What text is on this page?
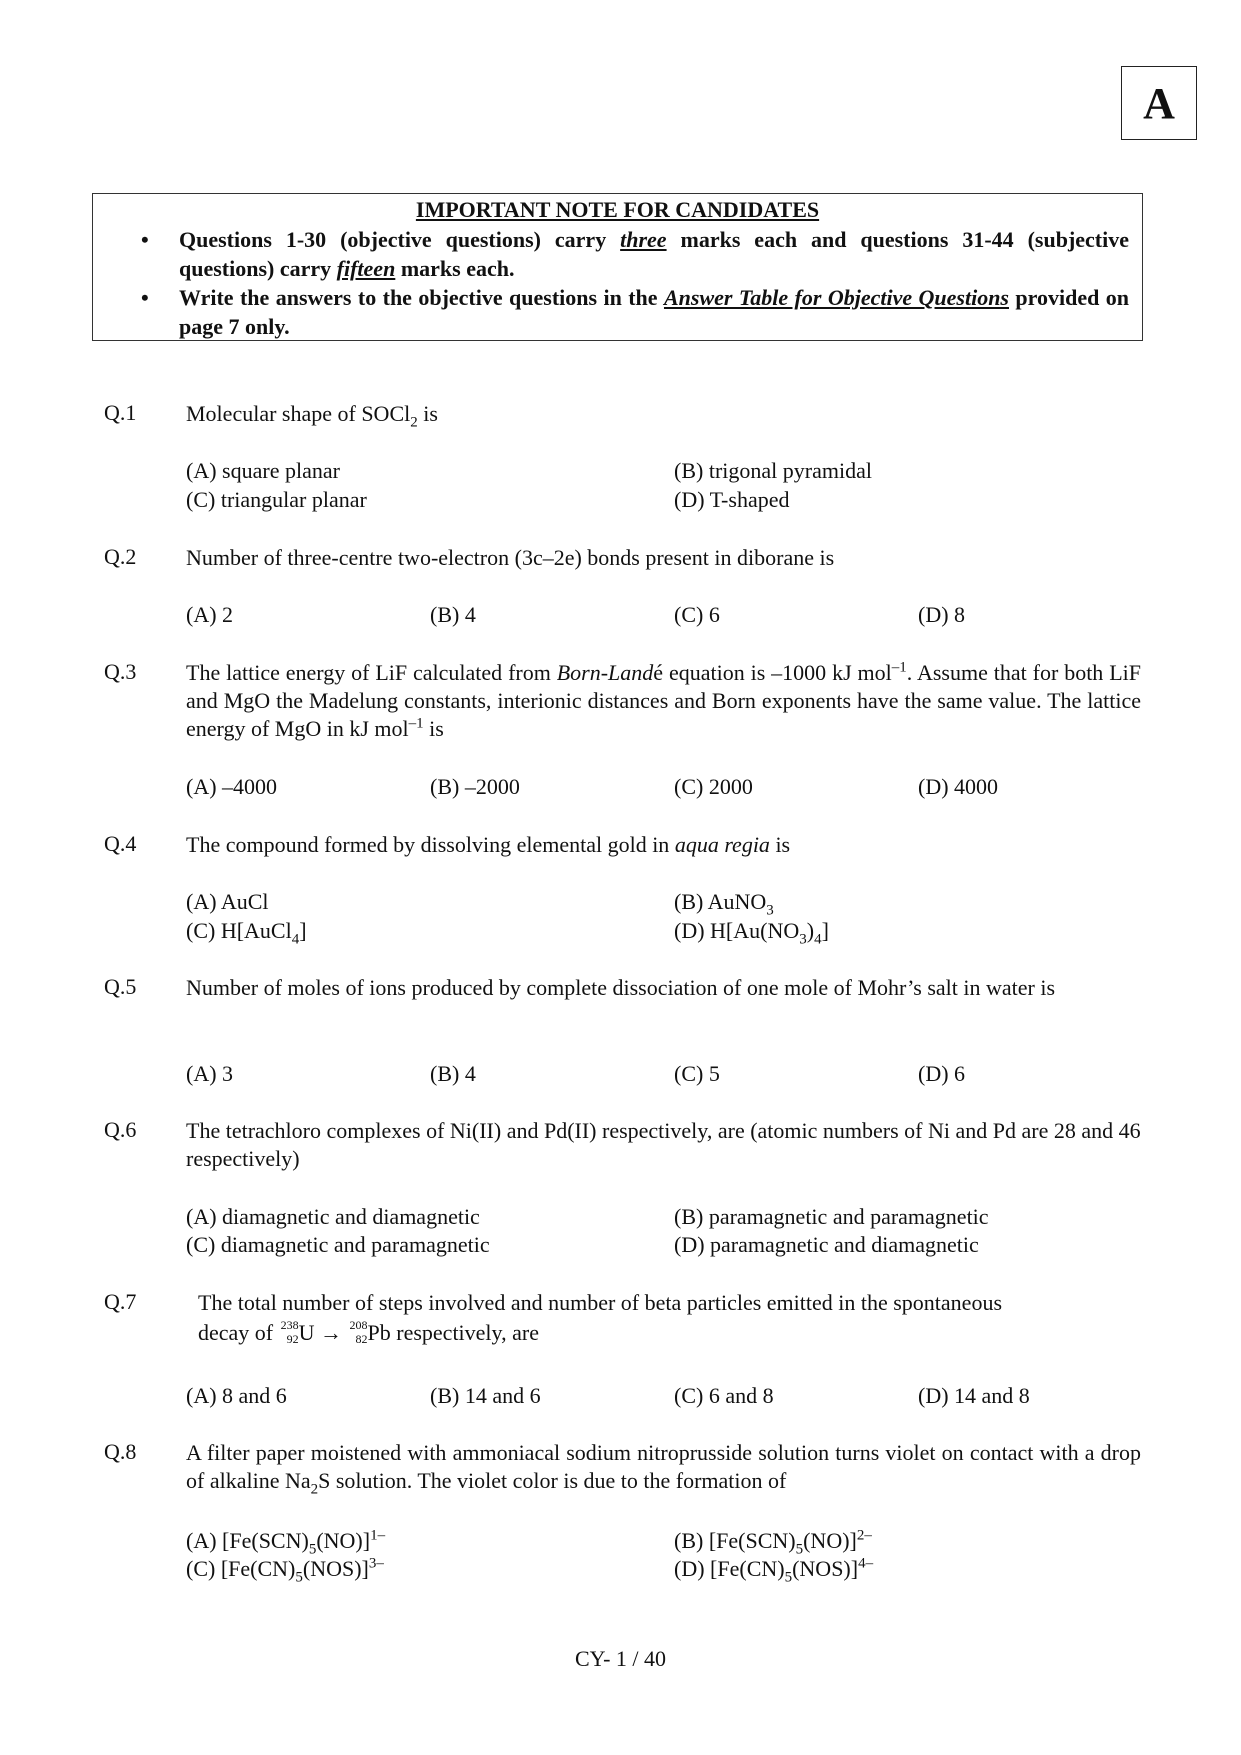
A
IMPORTANT NOTE FOR CANDIDATES
• Questions 1-30 (objective questions) carry three marks each and questions 31-44 (subjective questions) carry fifteen marks each.
• Write the answers to the objective questions in the Answer Table for Objective Questions provided on page 7 only.
Q.1 Molecular shape of SOCl$_2$ is
(A) square planar	(B) trigonal pyramidal
(C) triangular planar	(D) T-shaped
Q.2 Number of three-centre two-electron (3c–2e) bonds present in diborane is
(A) 2	(B) 4	(C) 6	(D) 8
Q.3 The lattice energy of LiF calculated from Born-Landé equation is –1000 kJ mol$^{-1}$. Assume that for both LiF and MgO the Madelung constants, interionic distances and Born exponents have the same value. The lattice energy of MgO in kJ mol$^{-1}$ is
(A) –4000	(B) –2000	(C) 2000	(D) 4000
Q.4 The compound formed by dissolving elemental gold in aqua regia is
(A) AuCl	(B) AuNO$_3$
(C) H[AuCl$_4$]	(D) $H[Au(NO_3)_4]$
Q.5 Number of moles of ions produced by complete dissociation of one mole of Mohr’s salt in water is
(A) 3	(B) 4	(C) 5	(D) 6
Q.6 The tetrachloro complexes of Ni(II) and Pd(II) respectively, are (atomic numbers of Ni and Pd are 28 and 46 respectively)
(A) diamagnetic and diamagnetic	(B) paramagnetic and paramagnetic
(C) diamagnetic and paramagnetic	(D) paramagnetic and diamagnetic
Q.7	The total number of steps involved and number of beta particles emitted in the spontaneous
decay of 238
92 U → 208
82 Pb respectively, are
(A) 8 and 6	(B) 14 and 6	(C) 6 and 8	(D) 14 and 8
Q.8 A filter paper moistened with ammoniacal sodium nitroprusside solution turns violet on contact with a drop of alkaline $Na_2S$ solution. The violet color is due to the formation of
(A) $[Fe(SCN)_5(NO)]^{1-}$	(B) $[Fe(SCN)_5(NO)]^{2-}$
(C) $[Fe(CN)_5(NOS)]^{3-}$	(D) $[Fe(CN)_5(NOS)]^{4-}$
CY- 1 / 40
